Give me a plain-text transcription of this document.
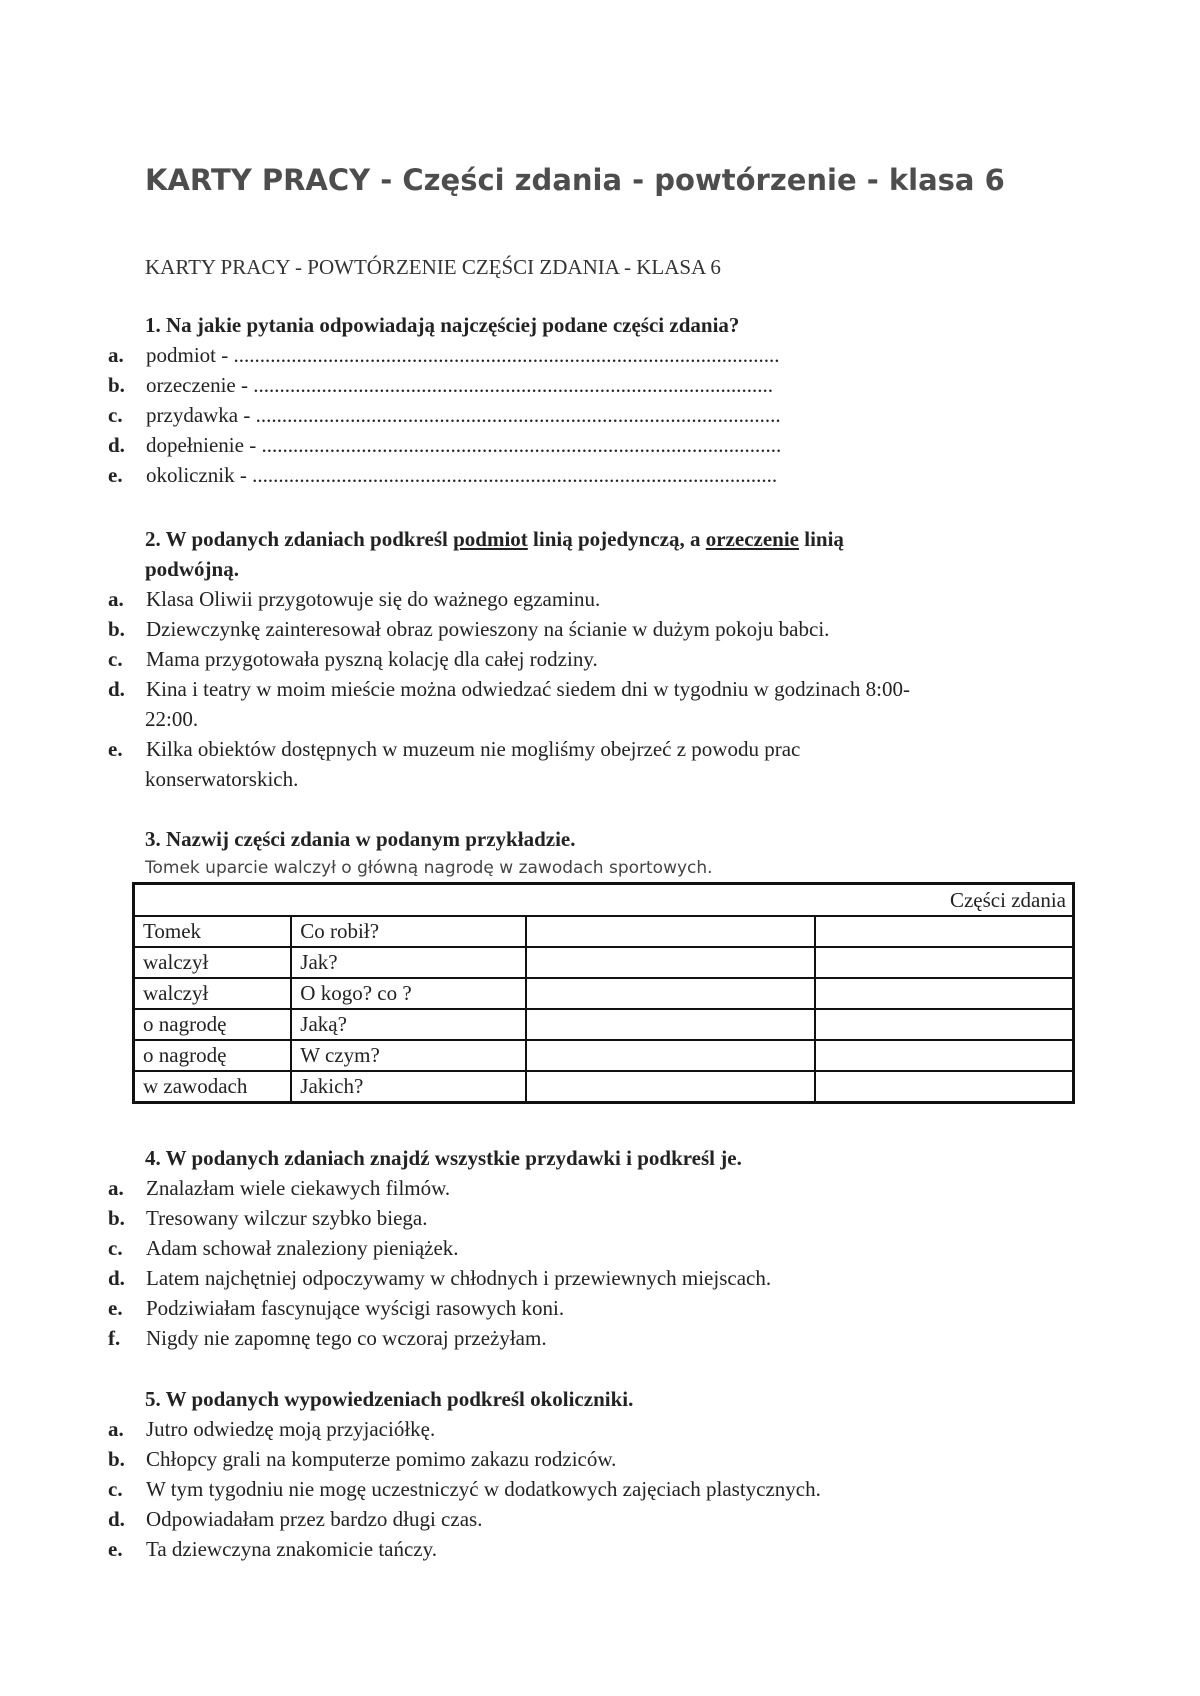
KARTY PRACY - Części zdania - powtórzenie - klasa 6
KARTY PRACY - POWTÓRZENIE CZĘŚCI ZDANIA - KLASA 6
1. Na jakie pytania odpowiadają najczęściej podane części zdania?
a. podmiot - ........................................................................................................
b. orzeczenie - ...................................................................................................
c. przydawka - ....................................................................................................
d. dopełnienie - ...................................................................................................
e. okolicznik - ....................................................................................................
2. W podanych zdaniach podkreśl podmiot linią pojedynczą, a orzeczenie linią
podwójną.
a. Klasa Oliwii przygotowuje się do ważnego egzaminu.
b. Dziewczynkę zainteresował obraz powieszony na ścianie w dużym pokoju babci.
c. Mama przygotowała pyszną kolację dla całej rodziny.
d. Kina i teatry w moim mieście można odwiedzać siedem dni w tygodniu w godzinach 8:00-
22:00.
e. Kilka obiektów dostępnych w muzeum nie mogliśmy obejrzeć z powodu prac
konserwatorskich.
3. Nazwij części zdania w podanym przykładzie.
Tomek uparcie walczył o główną nagrodę w zawodach sportowych.
Części zdania			
Tomek	Co robił?		
walczył	Jak?		
walczył	O kogo? co ?		
o nagrodę	Jaką?		
o nagrodę	W czym?		
w zawodach	Jakich?		
4. W podanych zdaniach znajdź wszystkie przydawki i podkreśl je.
a. Znalazłam wiele ciekawych filmów.
b. Tresowany wilczur szybko biega.
c. Adam schował znaleziony pieniążek.
d. Latem najchętniej odpoczywamy w chłodnych i przewiewnych miejscach.
e. Podziwiałam fascynujące wyścigi rasowych koni.
f. Nigdy nie zapomnę tego co wczoraj przeżyłam.
5. W podanych wypowiedzeniach podkreśl okoliczniki.
a. Jutro odwiedzę moją przyjaciółkę.
b. Chłopcy grali na komputerze pomimo zakazu rodziców.
c. W tym tygodniu nie mogę uczestniczyć w dodatkowych zajęciach plastycznych.
d. Odpowiadałam przez bardzo długi czas.
e. Ta dziewczyna znakomicie tańczy.
